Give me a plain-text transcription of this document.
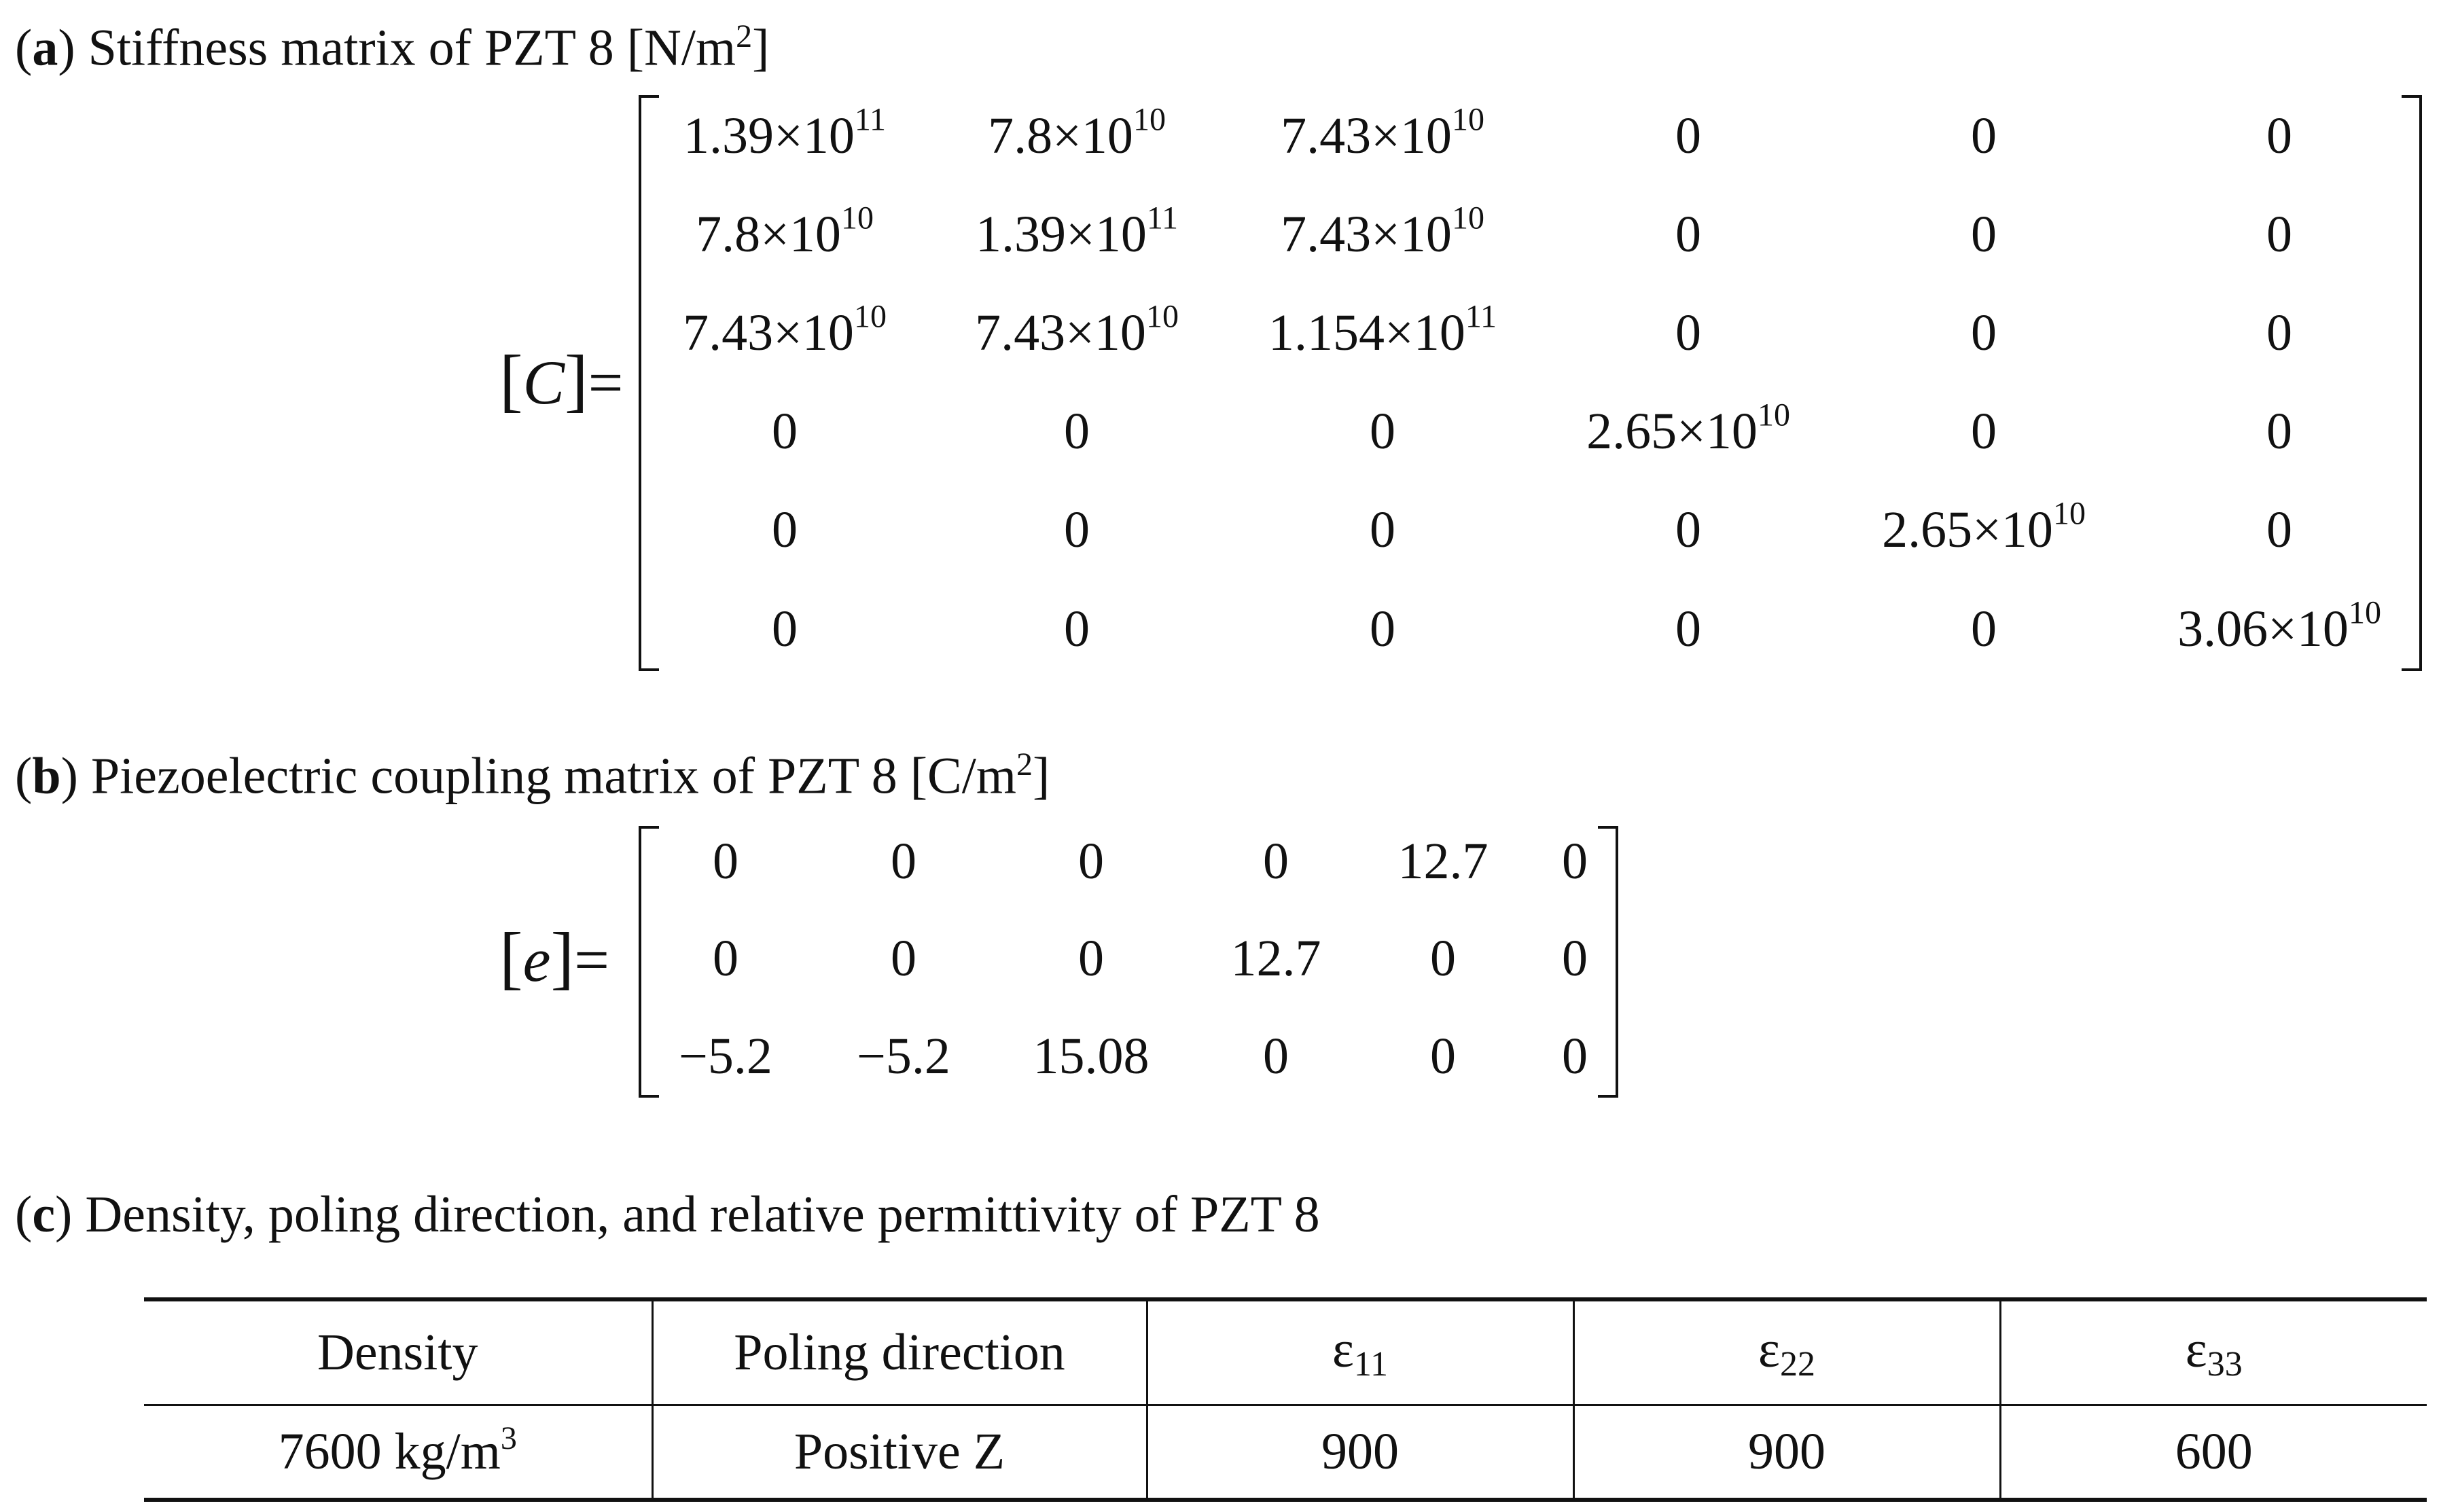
(a) Stiffness matrix of PZT 8 $[N/m^2]$
[C]=
$1.39\times 10^{11}$ $7.8\times 10^{10}$ $7.43\times 10^{10}$	0	0	0
$7.8\times 10^{10}$ $1.39\times 10^{11}$ $7.43\times 10^{10}$	0	0	0
$7.43\times 10^{10}$ $7.43\times 10^{10}$ $1.154\times 10^{11}$	0	0	0
0	0	0	$2.65\times 10^{10}$	0	0
0	0	0	0	$2.65\times 10^{10}$	0
0	0	0	0	0	$3.06\times 10^{10}$
(b) Piezoelectric coupling matrix of PZT 8 $[C/m^2]$
[e]=
0	0	0	0 12.7 0
0	0	0 12.7 0 0
−5.2 −5.2 15.08 0	0 0
(c) Density, poling direction, and relative permittivity of PZT 8
Density	Poling direction	$\varepsilon_{11}$	$\varepsilon_{22}$	$\varepsilon_{33}$
7600 $kg/m^3$	Positive Z	900	900	600
